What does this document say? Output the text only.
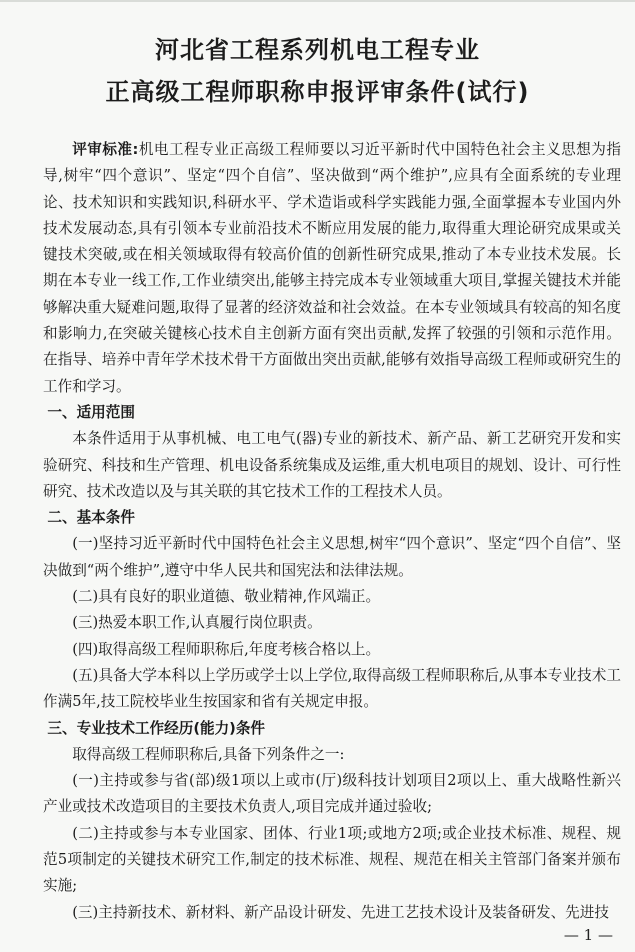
河北省工程系列机电工程专业
正高级工程师职称申报评审条件(试行)

评审标准:机电工程专业正高级工程师要以习近平新时代中国特色社会主义思想为指导,树牢“四个意识”、坚定“四个自信”、坚决做到“两个维护”,应具有全面系统的专业理论、技术知识和实践知识,科研水平、学术造诣或科学实践能力强,全面掌握本专业国内外技术发展动态,具有引领本专业前沿技术不断应用发展的能力,取得重大理论研究成果或关键技术突破,或在相关领域取得有较高价值的创新性研究成果,推动了本专业技术发展。长期在本专业一线工作,工作业绩突出,能够主持完成本专业领域重大项目,掌握关键技术并能够解决重大疑难问题,取得了显著的经济效益和社会效益。在本专业领域具有较高的知名度和影响力,在突破关键核心技术自主创新方面有突出贡献,发挥了较强的引领和示范作用。在指导、培养中青年学术技术骨干方面做出突出贡献,能够有效指导高级工程师或研究生的工作和学习。

一、适用范围

本条件适用于从事机械、电工电气(器)专业的新技术、新产品、新工艺研究开发和实验研究、科技和生产管理、机电设备系统集成及运维,重大机电项目的规划、设计、可行性研究、技术改造以及与其关联的其它技术工作的工程技术人员。

二、基本条件

(一)坚持习近平新时代中国特色社会主义思想,树牢“四个意识”、坚定“四个自信”、坚决做到“两个维护”,遵守中华人民共和国宪法和法律法规。

(二)具有良好的职业道德、敬业精神,作风端正。

(三)热爱本职工作,认真履行岗位职责。

(四)取得高级工程师职称后,年度考核合格以上。

(五)具备大学本科以上学历或学士以上学位,取得高级工程师职称后,从事本专业技术工作满5年,技工院校毕业生按国家和省有关规定申报。

三、专业技术工作经历(能力)条件

取得高级工程师职称后,具备下列条件之一:

(一)主持或参与省(部)级1项以上或市(厅)级科技计划项目2项以上、重大战略性新兴产业或技术改造项目的主要技术负责人,项目完成并通过验收;

(二)主持或参与本专业国家、团体、行业1项;或地方2项;或企业技术标准、规程、规范5项制定的关键技术研究工作,制定的技术标准、规程、规范在相关主管部门备案并颁布实施;

(三)主持新技术、新材料、新产品设计研发、先进工艺技术设计及装备研发、先进技

— 1 —
